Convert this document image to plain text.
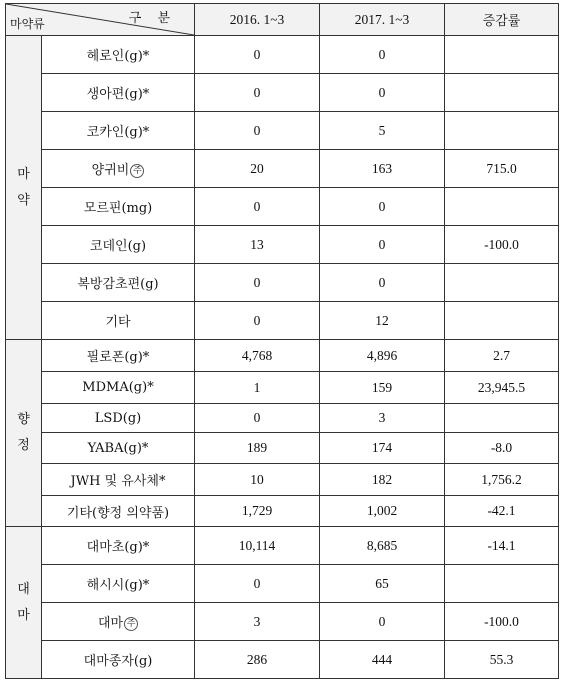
구 분
마약류		2016. 1~3	2017. 1~3	증감률

마
약	헤로인(g)*	0	0	
	생아편(g)*	0	0	
	코카인(g)*	0	5	
	양귀비 주	20	163	715.0
	모르핀(mg)	0	0	
	코데인(g)	13	0	-100.0
	복방감초편(g)	0	0	
	기타	0	12	

향
정	필로폰(g)*	4,768	4,896	2.7
	MDMA(g)*	1	159	23,945.5
	LSD(g)	0	3	
	YABA(g)*	189	174	-8.0
	JWH 및 유사체*	10	182	1,756.2
	기타(향정 의약품)	1,729	1,002	-42.1

대
마	대마초(g)*	10,114	8,685	-14.1
	해시시(g)*	0	65	
	대마 주	3	0	-100.0
	대마종자(g)	286	444	55.3
